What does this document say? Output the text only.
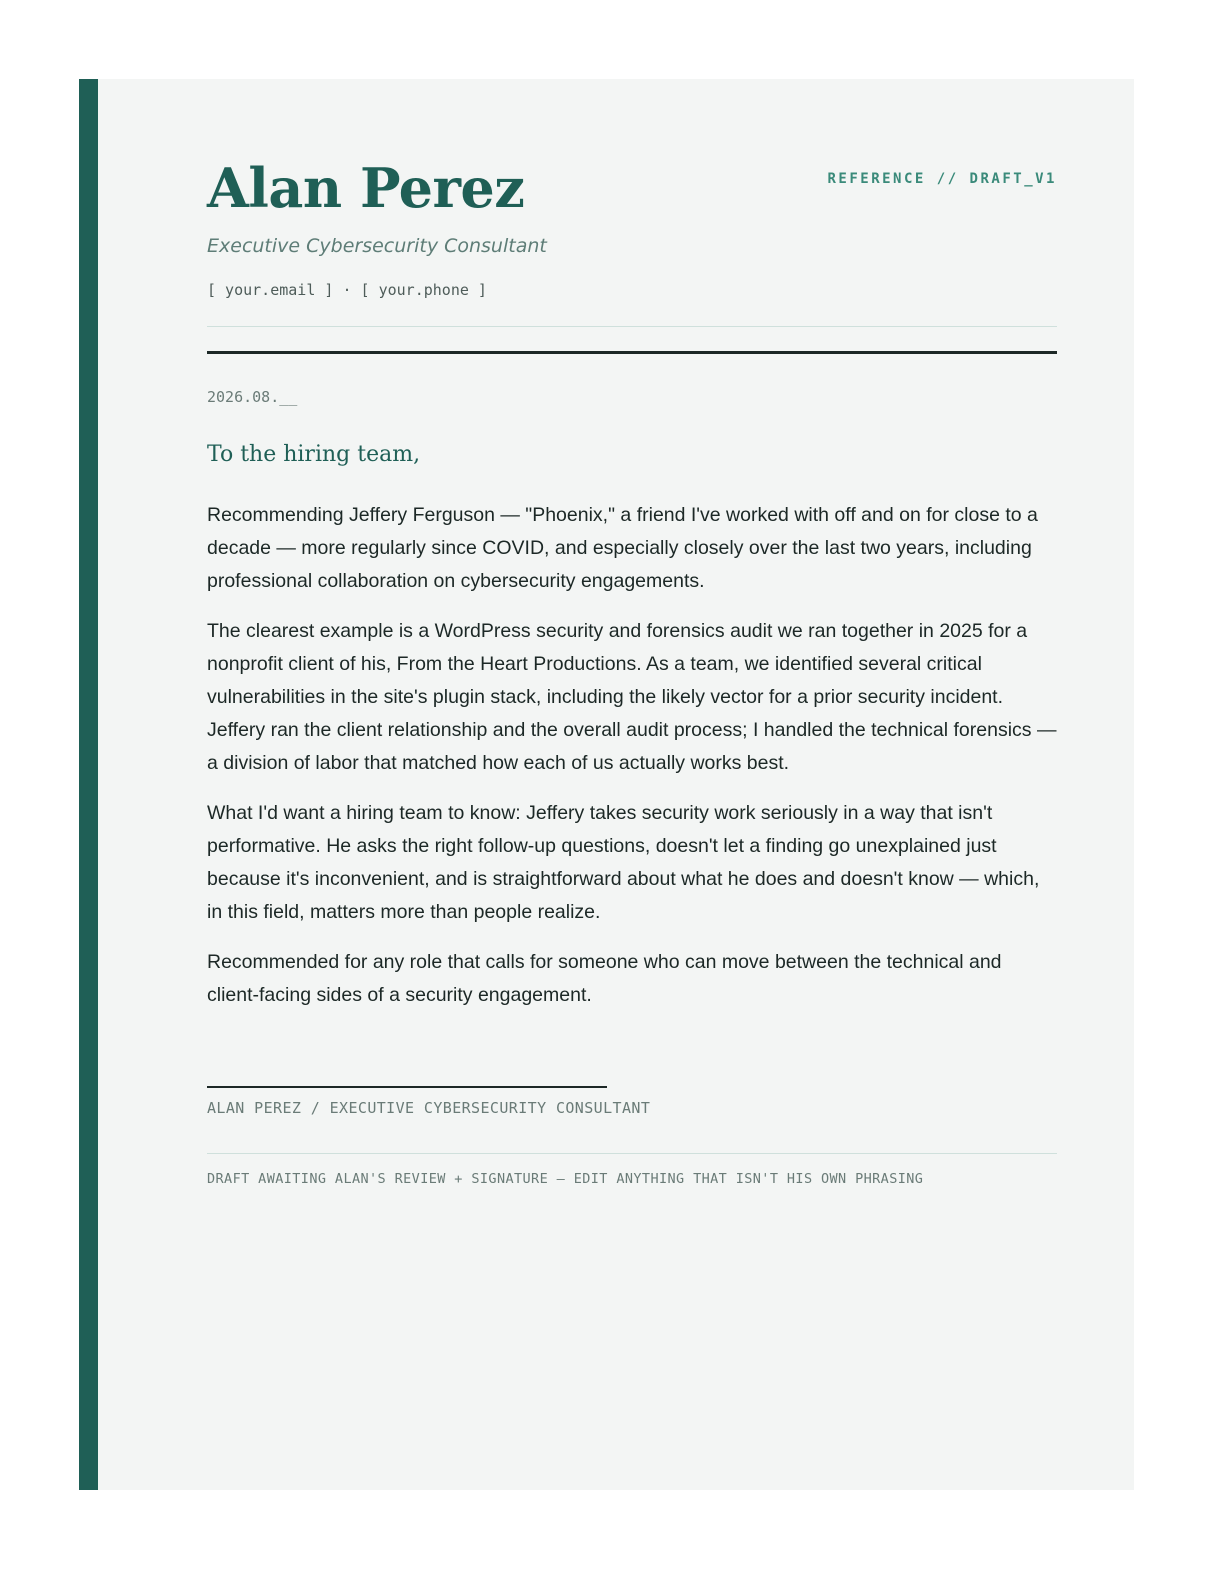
Alan Perez	REFERENCE // DRAFT_V1
Executive Cybersecurity Consultant
[ your.email ] · [ your.phone ]
2026.08.__
To the hiring team,

Recommending Jeffery Ferguson — "Phoenix," a friend I've worked with off and on for close to a decade — more regularly since COVID, and especially closely over the last two years, including professional collaboration on cybersecurity engagements.

The clearest example is a WordPress security and forensics audit we ran together in 2025 for a nonprofit client of his, From the Heart Productions. As a team, we identified several critical vulnerabilities in the site's plugin stack, including the likely vector for a prior security incident. Jeffery ran the client relationship and the overall audit process; I handled the technical forensics — a division of labor that matched how each of us actually works best.

What I'd want a hiring team to know: Jeffery takes security work seriously in a way that isn't performative. He asks the right follow-up questions, doesn't let a finding go unexplained just because it's inconvenient, and is straightforward about what he does and doesn't know — which, in this field, matters more than people realize.

Recommended for any role that calls for someone who can move between the technical and client-facing sides of a security engagement.

ALAN PEREZ / EXECUTIVE CYBERSECURITY CONSULTANT
DRAFT AWAITING ALAN'S REVIEW + SIGNATURE — EDIT ANYTHING THAT ISN'T HIS OWN PHRASING
